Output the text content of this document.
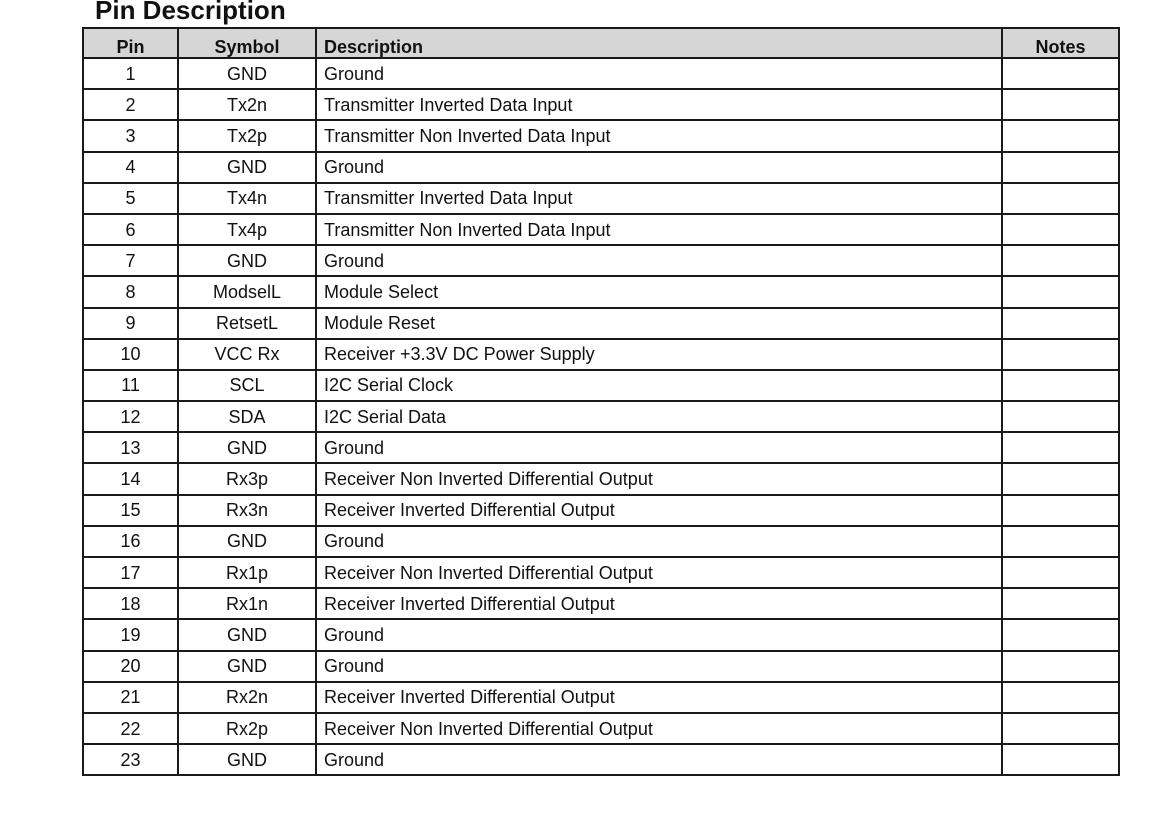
Pin Description
Pin	Symbol	Description	Notes
1	GND	Ground	
2	Tx2n	Transmitter Inverted Data Input	
3	Tx2p	Transmitter Non Inverted Data Input	
4	GND	Ground	
5	Tx4n	Transmitter Inverted Data Input	
6	Tx4p	Transmitter Non Inverted Data Input	
7	GND	Ground	
8	ModselL	Module Select	
9	RetsetL	Module Reset	
10	VCC Rx	Receiver +3.3V DC Power Supply	
11	SCL	I2C Serial Clock	
12	SDA	I2C Serial Data	
13	GND	Ground	
14	Rx3p	Receiver Non Inverted Differential Output	
15	Rx3n	Receiver Inverted Differential Output	
16	GND	Ground	
17	Rx1p	Receiver Non Inverted Differential Output	
18	Rx1n	Receiver Inverted Differential Output	
19	GND	Ground	
20	GND	Ground	
21	Rx2n	Receiver Inverted Differential Output	
22	Rx2p	Receiver Non Inverted Differential Output	
23	GND	Ground	
